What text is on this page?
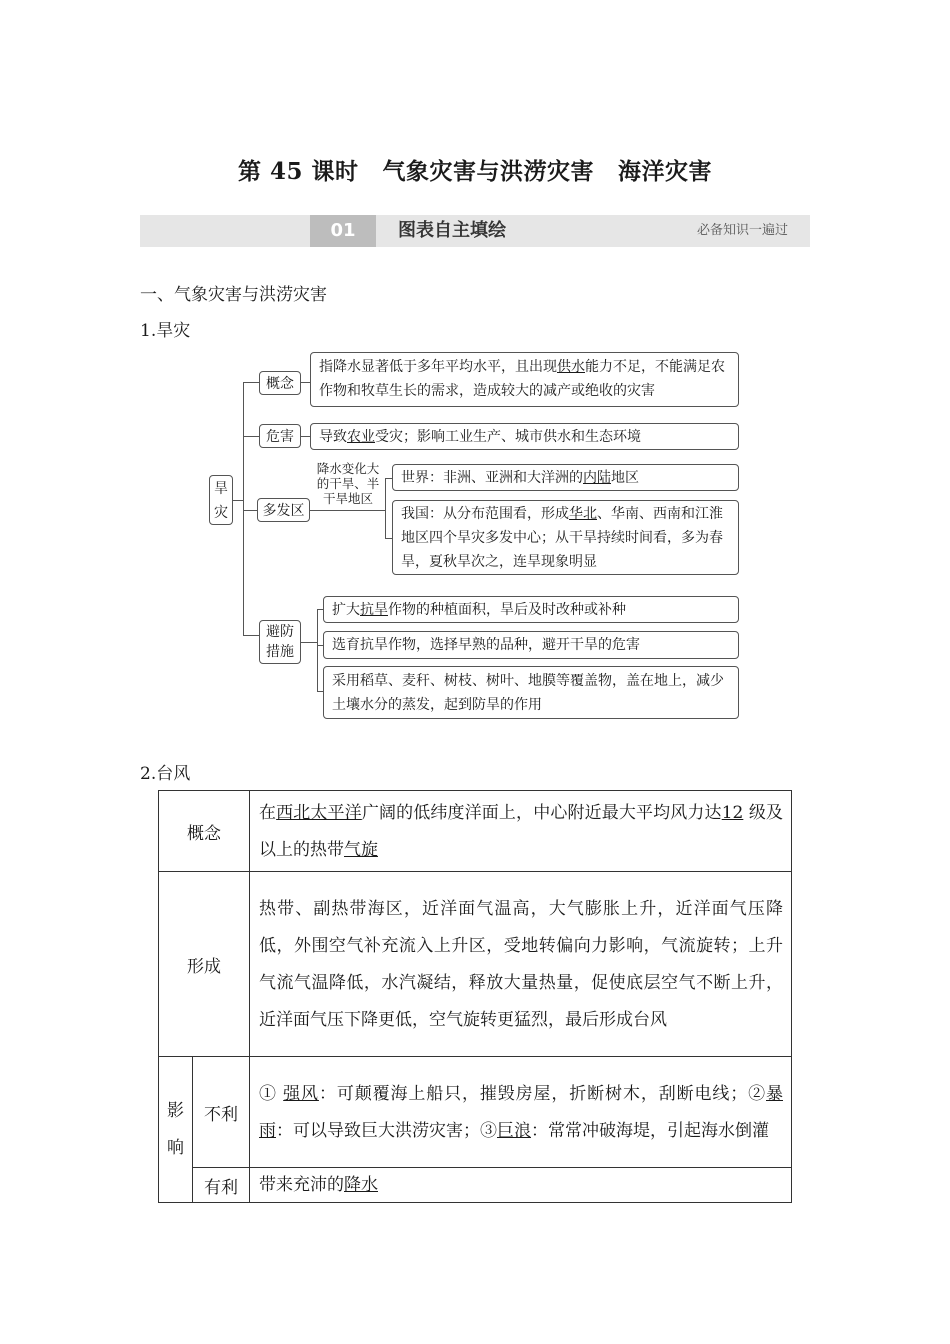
第 45 课时 气象灾害与洪涝灾害 海洋灾害
01	图表自主填绘	必备知识一遍过
一、气象灾害与洪涝灾害
1.旱灾
旱灾
概念
指降水显著低于多年平均水平，且出现供水能力不足，不能满足农作物和牧草生长的需求，造成较大的减产或绝收的灾害
危害	导致农业受灾；影响工业生产、城市供水和生态环境
降水变化大的干旱、半干旱地区
多发区
世界：非洲、亚洲和大洋洲的内陆地区
我国：从分布范围看，形成华北、华南、西南和江淮地区四个旱灾多发中心；从干旱持续时间看，多为春旱，夏秋旱次之，连旱现象明显
避防措施
扩大抗旱作物的种植面积，旱后及时改种或补种
选育抗旱作物，选择早熟的品种，避开干旱的危害
采用稻草、麦秆、树枝、树叶、地膜等覆盖物，盖在地上，减少土壤水分的蒸发，起到防旱的作用
2.台风
概念		在西北太平洋广阔的低纬度洋面上，中心附近最大平均风力达12 级及以上的热带气旋
形成		热带、副热带海区，近洋面气温高，大气膨胀上升，近洋面气压降低，外围空气补充流入上升区，受地转偏向力影响，气流旋转；上升气流气温降低，水汽凝结，释放大量热量，促使底层空气不断上升，近洋面气压下降更低，空气旋转更猛烈，最后形成台风
影响	不利	① 强风：可颠覆海上船只，摧毁房屋，折断树木，刮断电线；②暴雨：可以导致巨大洪涝灾害；③巨浪：常常冲破海堤，引起海水倒灌
	有利	带来充沛的降水
